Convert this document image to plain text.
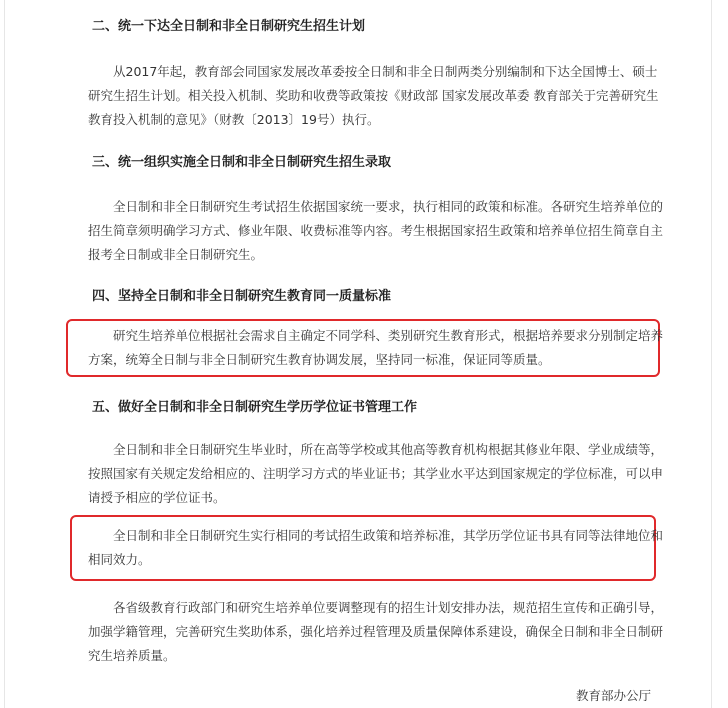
二、统一下达全日制和非全日制研究生招生计划

从2017年起，教育部会同国家发展改革委按全日制和非全日制两类分别编制和下达全国博士、硕士研究生招生计划。相关投入机制、奖助和收费等政策按《财政部 国家发展改革委 教育部关于完善研究生教育投入机制的意见》（财教〔2013〕19号）执行。

三、统一组织实施全日制和非全日制研究生招生录取

全日制和非全日制研究生考试招生依据国家统一要求，执行相同的政策和标准。各研究生培养单位的招生简章须明确学习方式、修业年限、收费标准等内容。考生根据国家招生政策和培养单位招生简章自主报考全日制或非全日制研究生。

四、坚持全日制和非全日制研究生教育同一质量标准

研究生培养单位根据社会需求自主确定不同学科、类别研究生教育形式，根据培养要求分别制定培养方案，统筹全日制与非全日制研究生教育协调发展，坚持同一标准，保证同等质量。

五、做好全日制和非全日制研究生学历学位证书管理工作

全日制和非全日制研究生毕业时，所在高等学校或其他高等教育机构根据其修业年限、学业成绩等，按照国家有关规定发给相应的、注明学习方式的毕业证书；其学业水平达到国家规定的学位标准，可以申请授予相应的学位证书。

全日制和非全日制研究生实行相同的考试招生政策和培养标准，其学历学位证书具有同等法律地位和相同效力。

各省级教育行政部门和研究生培养单位要调整现有的招生计划安排办法，规范招生宣传和正确引导，加强学籍管理，完善研究生奖助体系，强化培养过程管理及质量保障体系建设，确保全日制和非全日制研究生培养质量。

教育部办公厅
